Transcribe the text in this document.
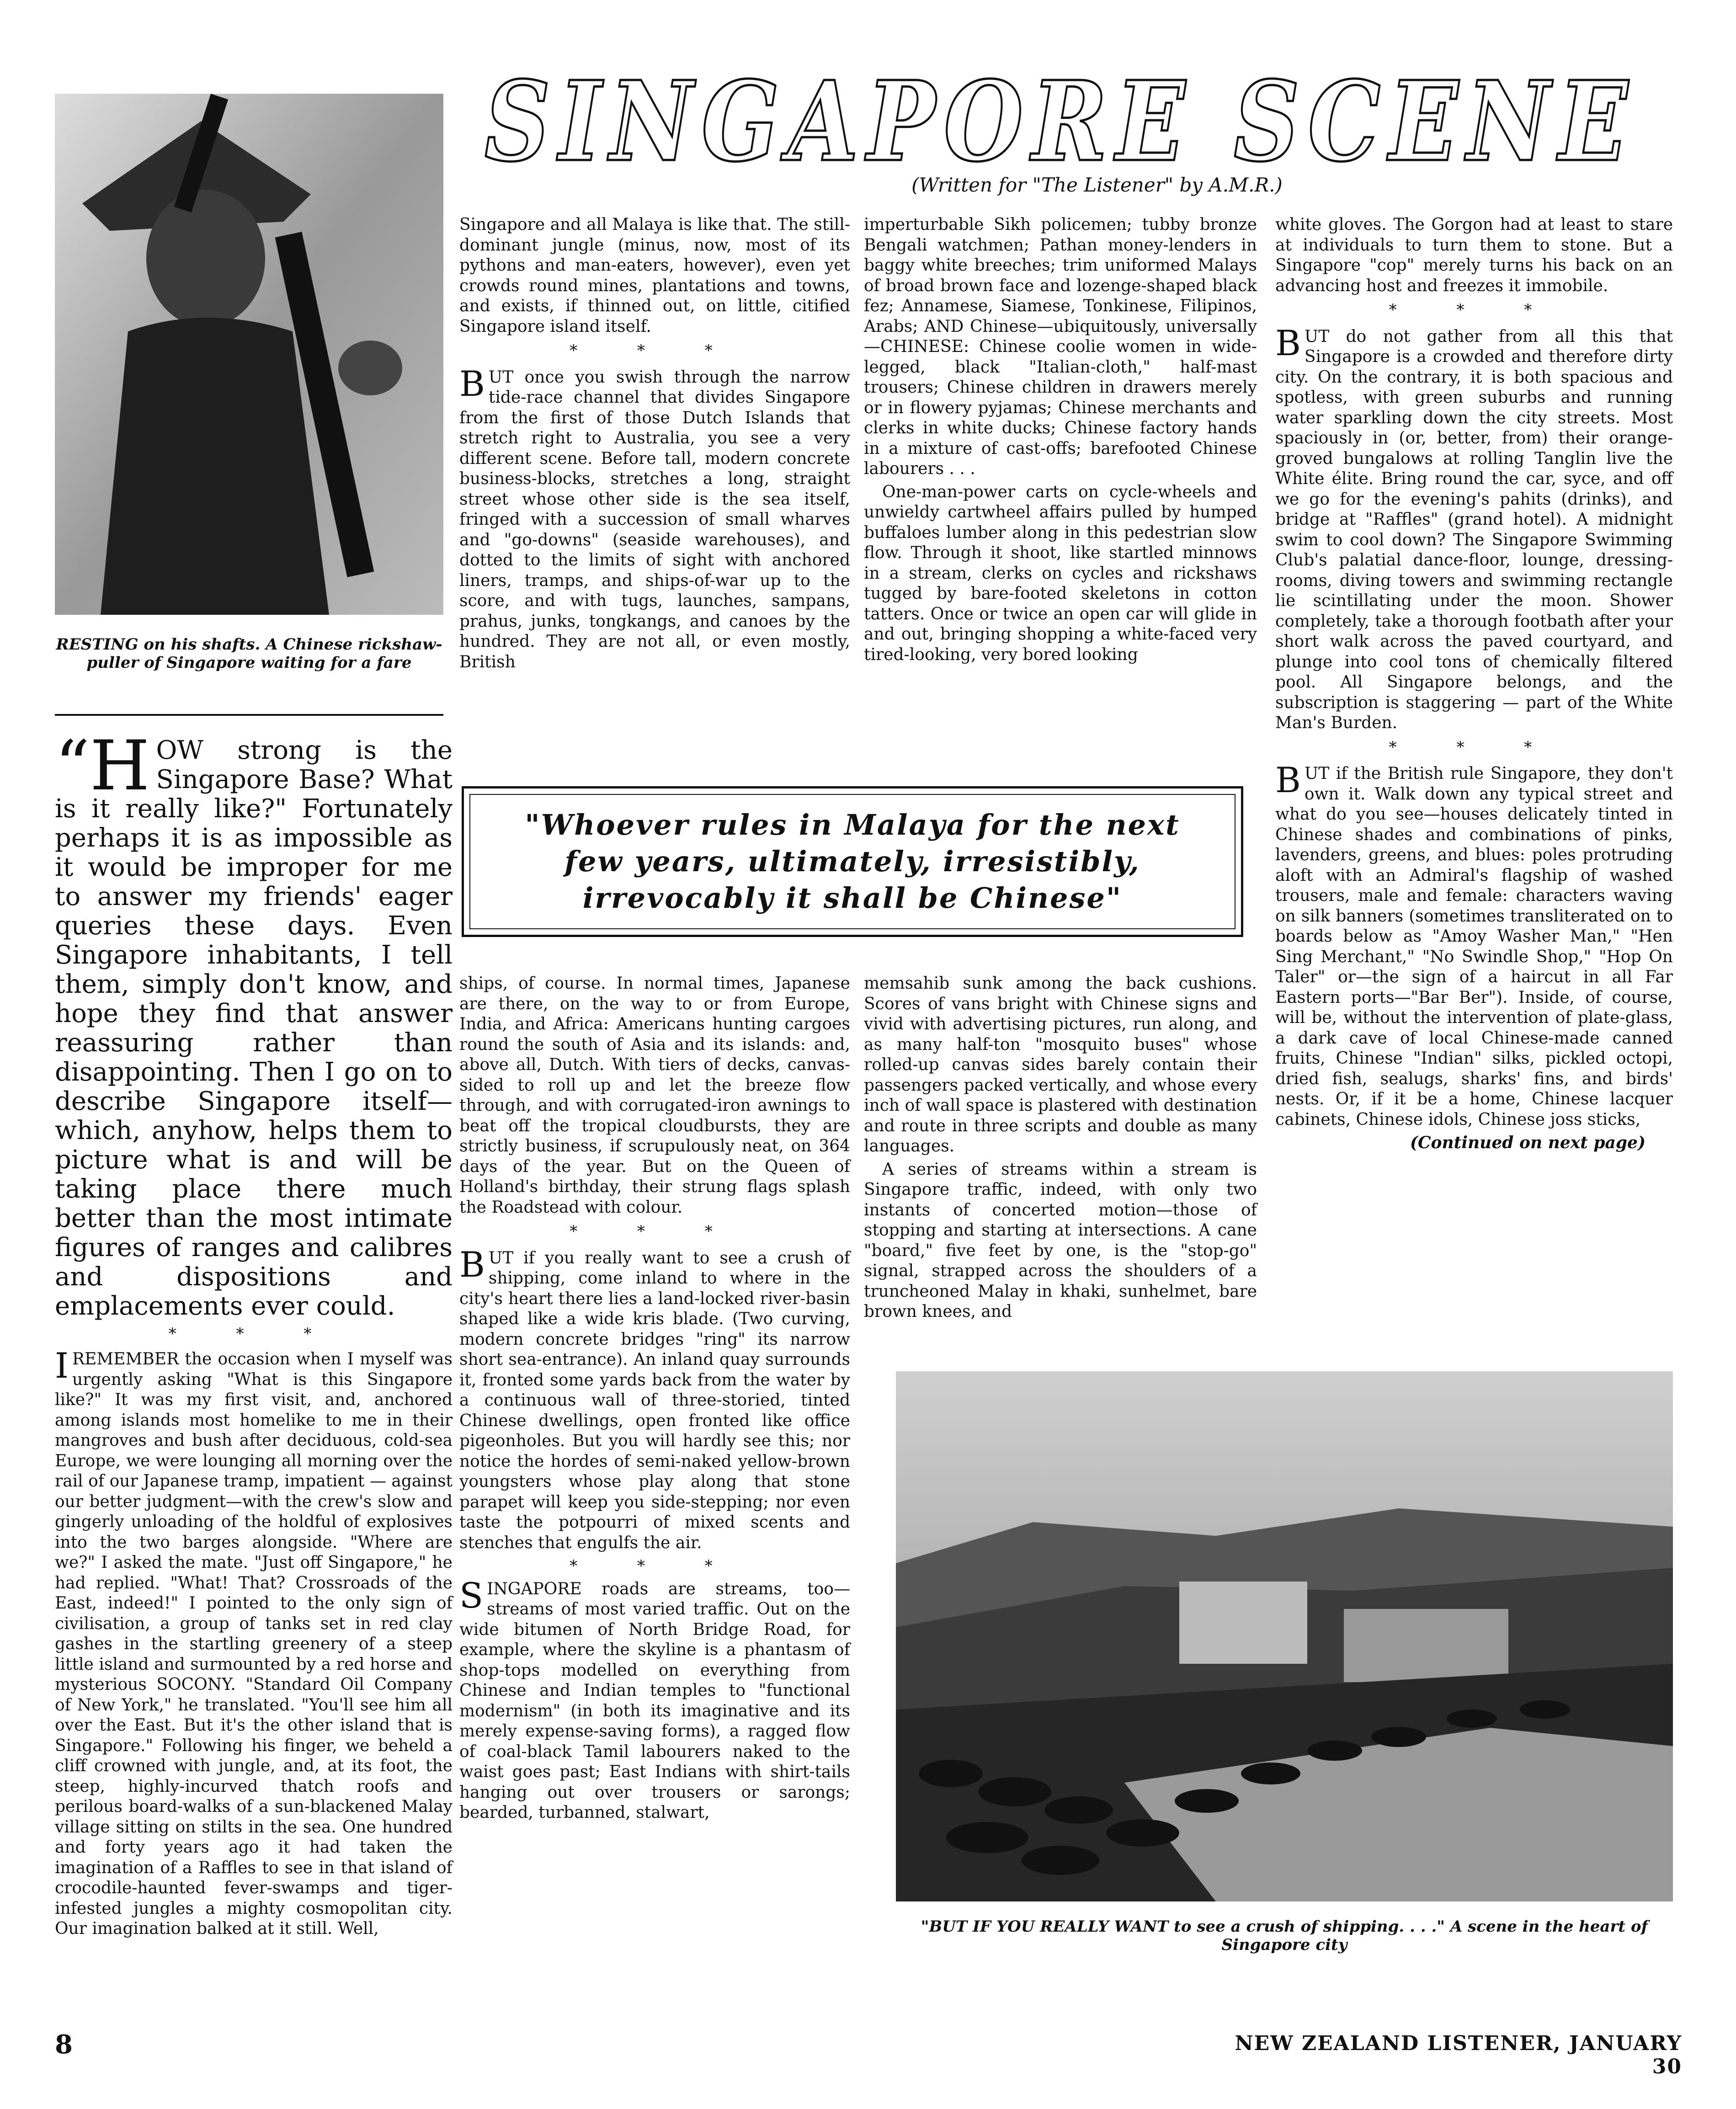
SINGAPORE SCENE
(Written for "The Listener" by A.M.R.)
RESTING on his shafts. A Chinese rickshaw-puller of Singapore waiting for a fare
“H OW strong is the Singapore Base? What is it really like?" Fortunately perhaps it is as impossible as it would be improper for me to answer my friends' eager queries these days. Even Singapore inhabitants, I tell them, simply don't know, and hope they find that answer reassuring rather than disappointing. Then I go on to describe Singapore itself—which, anyhow, helps them to picture what is and will be taking place there much better than the most intimate figures of ranges and calibres and dispositions and emplacements ever could.
* * *
IREMEMBER the occasion when I myself was urgently asking "What is this Singapore like?" It was my first visit, and, anchored among islands most homelike to me in their mangroves and bush after deciduous, cold-sea Europe, we were lounging all morning over the rail of our Japanese tramp, impatient — against our better judgment—with the crew's slow and gingerly unloading of the holdful of explosives into the two barges alongside. "Where are we?" I asked the mate. "Just off Singapore," he had replied. "What! That? Crossroads of the East, indeed!" I pointed to the only sign of civilisation, a group of tanks set in red clay gashes in the startling greenery of a steep little island and surmounted by a red horse and mysterious SOCONY. "Standard Oil Company of New York," he translated. "You'll see him all over the East. But it's the other island that is Singapore." Following his finger, we beheld a cliff crowned with jungle, and, at its foot, the steep, highly-incurved thatch roofs and perilous board-walks of a sun-blackened Malay village sitting on stilts in the sea. One hundred and forty years ago it had taken the imagination of a Raffles to see in that island of crocodile-haunted fever-swamps and tiger-infested jungles a mighty cosmopolitan city. Our imagination balked at it still. Well,

Singapore and all Malaya is like that. The still-dominant jungle (minus, now, most of its pythons and man-eaters, however), even yet crowds round mines, plantations and towns, and exists, if thinned out, on little, citified Singapore island itself.

* * *

BUT once you swish through the narrow tide-race channel that divides Singapore from the first of those Dutch Islands that stretch right to Australia, you see a very different scene. Before tall, modern concrete business-blocks, stretches a long, straight street whose other side is the sea itself, fringed with a succession of small wharves and "go-downs" (seaside warehouses), and dotted to the limits of sight with anchored liners, tramps, and ships-of-war up to the score, and with tugs, launches, sampans, prahus, junks, tongkangs, and canoes by the hundred. They are not all, or even mostly, British

imperturbable Sikh policemen; tubby bronze Bengali watchmen; Pathan money-lenders in baggy white breeches; trim uniformed Malays of broad brown face and lozenge-shaped black fez; Annamese, Siamese, Tonkinese, Filipinos, Arabs; AND Chinese—ubiquitously, universally—CHINESE: Chinese coolie women in wide-legged, black "Italian-cloth," half-mast trousers; Chinese children in drawers merely or in flowery pyjamas; Chinese merchants and clerks in white ducks; Chinese factory hands in a mixture of cast-offs; barefooted Chinese labourers . . .

One-man-power carts on cycle-wheels and unwieldy cartwheel affairs pulled by humped buffaloes lumber along in this pedestrian slow flow. Through it shoot, like startled minnows in a stream, clerks on cycles and rickshaws tugged by bare-footed skeletons in cotton tatters. Once or twice an open car will glide in and out, bringing shopping a white-faced very tired-looking, very bored looking

"Whoever rules in Malaya for the next few years, ultimately, irresistibly, irrevocably it shall be Chinese"

ships, of course. In normal times, Japanese are there, on the way to or from Europe, India, and Africa: Americans hunting cargoes round the south of Asia and its islands: and, above all, Dutch. With tiers of decks, canvas-sided to roll up and let the breeze flow through, and with corrugated-iron awnings to beat off the tropical cloudbursts, they are strictly business, if scrupulously neat, on 364 days of the year. But on the Queen of Holland's birthday, their strung flags splash the Roadstead with colour.

* * *

BUT if you really want to see a crush of shipping, come inland to where in the city's heart there lies a land-locked river-basin shaped like a wide kris blade. (Two curving, modern concrete bridges "ring" its narrow short sea-entrance). An inland quay surrounds it, fronted some yards back from the water by a continuous wall of three-storied, tinted Chinese dwellings, open fronted like office pigeonholes. But you will hardly see this; nor notice the hordes of semi-naked yellow-brown youngsters whose play along that stone parapet will keep you side-stepping; nor even taste the potpourri of mixed scents and stenches that engulfs the air.

* * *

SINGAPORE roads are streams, too—streams of most varied traffic. Out on the wide bitumen of North Bridge Road, for example, where the skyline is a phantasm of shop-tops modelled on everything from Chinese and Indian temples to "functional modernism" (in both its imaginative and its merely expense-saving forms), a ragged flow of coal-black Tamil labourers naked to the waist goes past; East Indians with shirt-tails hanging out over trousers or sarongs; bearded, turbanned, stalwart,

memsahib sunk among the back cushions. Scores of vans bright with Chinese signs and vivid with advertising pictures, run along, and as many half-ton "mosquito buses" whose rolled-up canvas sides barely contain their passengers packed vertically, and whose every inch of wall space is plastered with destination and route in three scripts and double as many languages.

A series of streams within a stream is Singapore traffic, indeed, with only two instants of concerted motion—those of stopping and starting at intersections. A cane "board," five feet by one, is the "stop-go" signal, strapped across the shoulders of a truncheoned Malay in khaki, sunhelmet, bare brown knees, and

white gloves. The Gorgon had at least to stare at individuals to turn them to stone. But a Singapore "cop" merely turns his back on an advancing host and freezes it immobile.

* * *

BUT do not gather from all this that Singapore is a crowded and therefore dirty city. On the contrary, it is both spacious and spotless, with green suburbs and running water sparkling down the city streets. Most spaciously in (or, better, from) their orange-groved bungalows at rolling Tanglin live the White élite. Bring round the car, syce, and off we go for the evening's pahits (drinks), and bridge at "Raffles" (grand hotel). A midnight swim to cool down? The Singapore Swimming Club's palatial dance-floor, lounge, dressing-rooms, diving towers and swimming rectangle lie scintillating under the moon. Shower completely, take a thorough footbath after your short walk across the paved courtyard, and plunge into cool tons of chemically filtered pool. All Singapore belongs, and the subscription is staggering — part of the White Man's Burden.

* * *

BUT if the British rule Singapore, they don't own it. Walk down any typical street and what do you see—houses delicately tinted in Chinese shades and combinations of pinks, lavenders, greens, and blues: poles protruding aloft with an Admiral's flagship of washed trousers, male and female: characters waving on silk banners (sometimes transliterated on to boards below as "Amoy Washer Man," "Hen Sing Merchant," "No Swindle Shop," "Hop On Taler" or—the sign of a haircut in all Far Eastern ports—"Bar Ber"). Inside, of course, will be, without the intervention of plate-glass, a dark cave of local Chinese-made canned fruits, Chinese "Indian" silks, pickled octopi, dried fish, sealugs, sharks' fins, and birds' nests. Or, if it be a home, Chinese lacquer cabinets, Chinese idols, Chinese joss sticks,

(Continued on next page)
"BUT IF YOU REALLY WANT to see a crush of shipping. . . ." A scene in the heart of Singapore city
8	NEW ZEALAND LISTENER, JANUARY 30
